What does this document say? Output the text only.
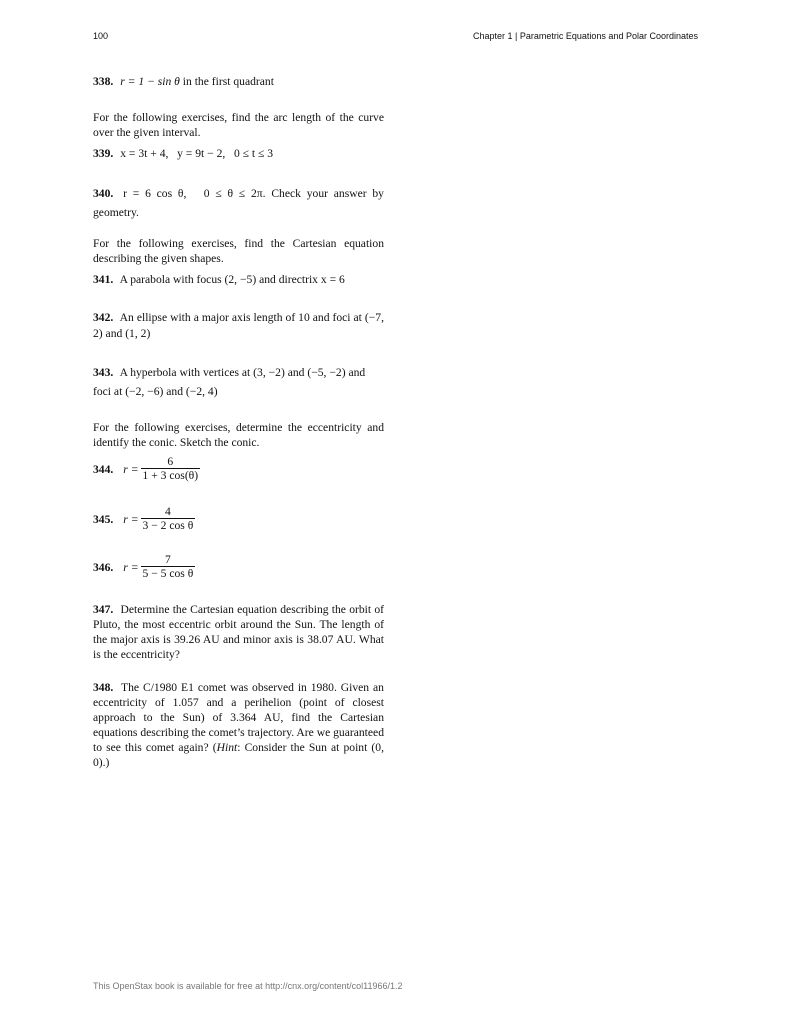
100	Chapter 1 | Parametric Equations and Polar Coordinates
338. r = 1 − sin θ in the first quadrant
For the following exercises, find the arc length of the curve over the given interval.
339. x = 3t + 4,   y = 9t − 2,   0 ≤ t ≤ 3
340. r = 6 cos θ,   0 ≤ θ ≤ 2π. Check your answer by geometry.
For the following exercises, find the Cartesian equation describing the given shapes.
341. A parabola with focus (2, −5) and directrix x = 6
342. An ellipse with a major axis length of 10 and foci at (−7, 2) and (1, 2)
343. A hyperbola with vertices at (3, −2) and (−5, −2) and foci at (−2, −6) and (−2, 4)
For the following exercises, determine the eccentricity and identify the conic. Sketch the conic.
344. $r = \frac{6}{1 + 3 \cos(\theta)}$
345. $r = \frac{4}{\text{3 − 2 cos θ}}$
346. $r = \frac{7}{\text{5 − 5 cos θ}}$
347. Determine the Cartesian equation describing the orbit of Pluto, the most eccentric orbit around the Sun. The length of the major axis is 39.26 AU and minor axis is 38.07 AU. What is the eccentricity?
348. The C/1980 E1 comet was observed in 1980. Given an eccentricity of 1.057 and a perihelion (point of closest approach to the Sun) of 3.364 AU, find the Cartesian equations describing the comet’s trajectory. Are we guaranteed to see this comet again? (Hint: Consider the Sun at point (0, 0).)
This OpenStax book is available for free at http://cnx.org/content/col11966/1.2
